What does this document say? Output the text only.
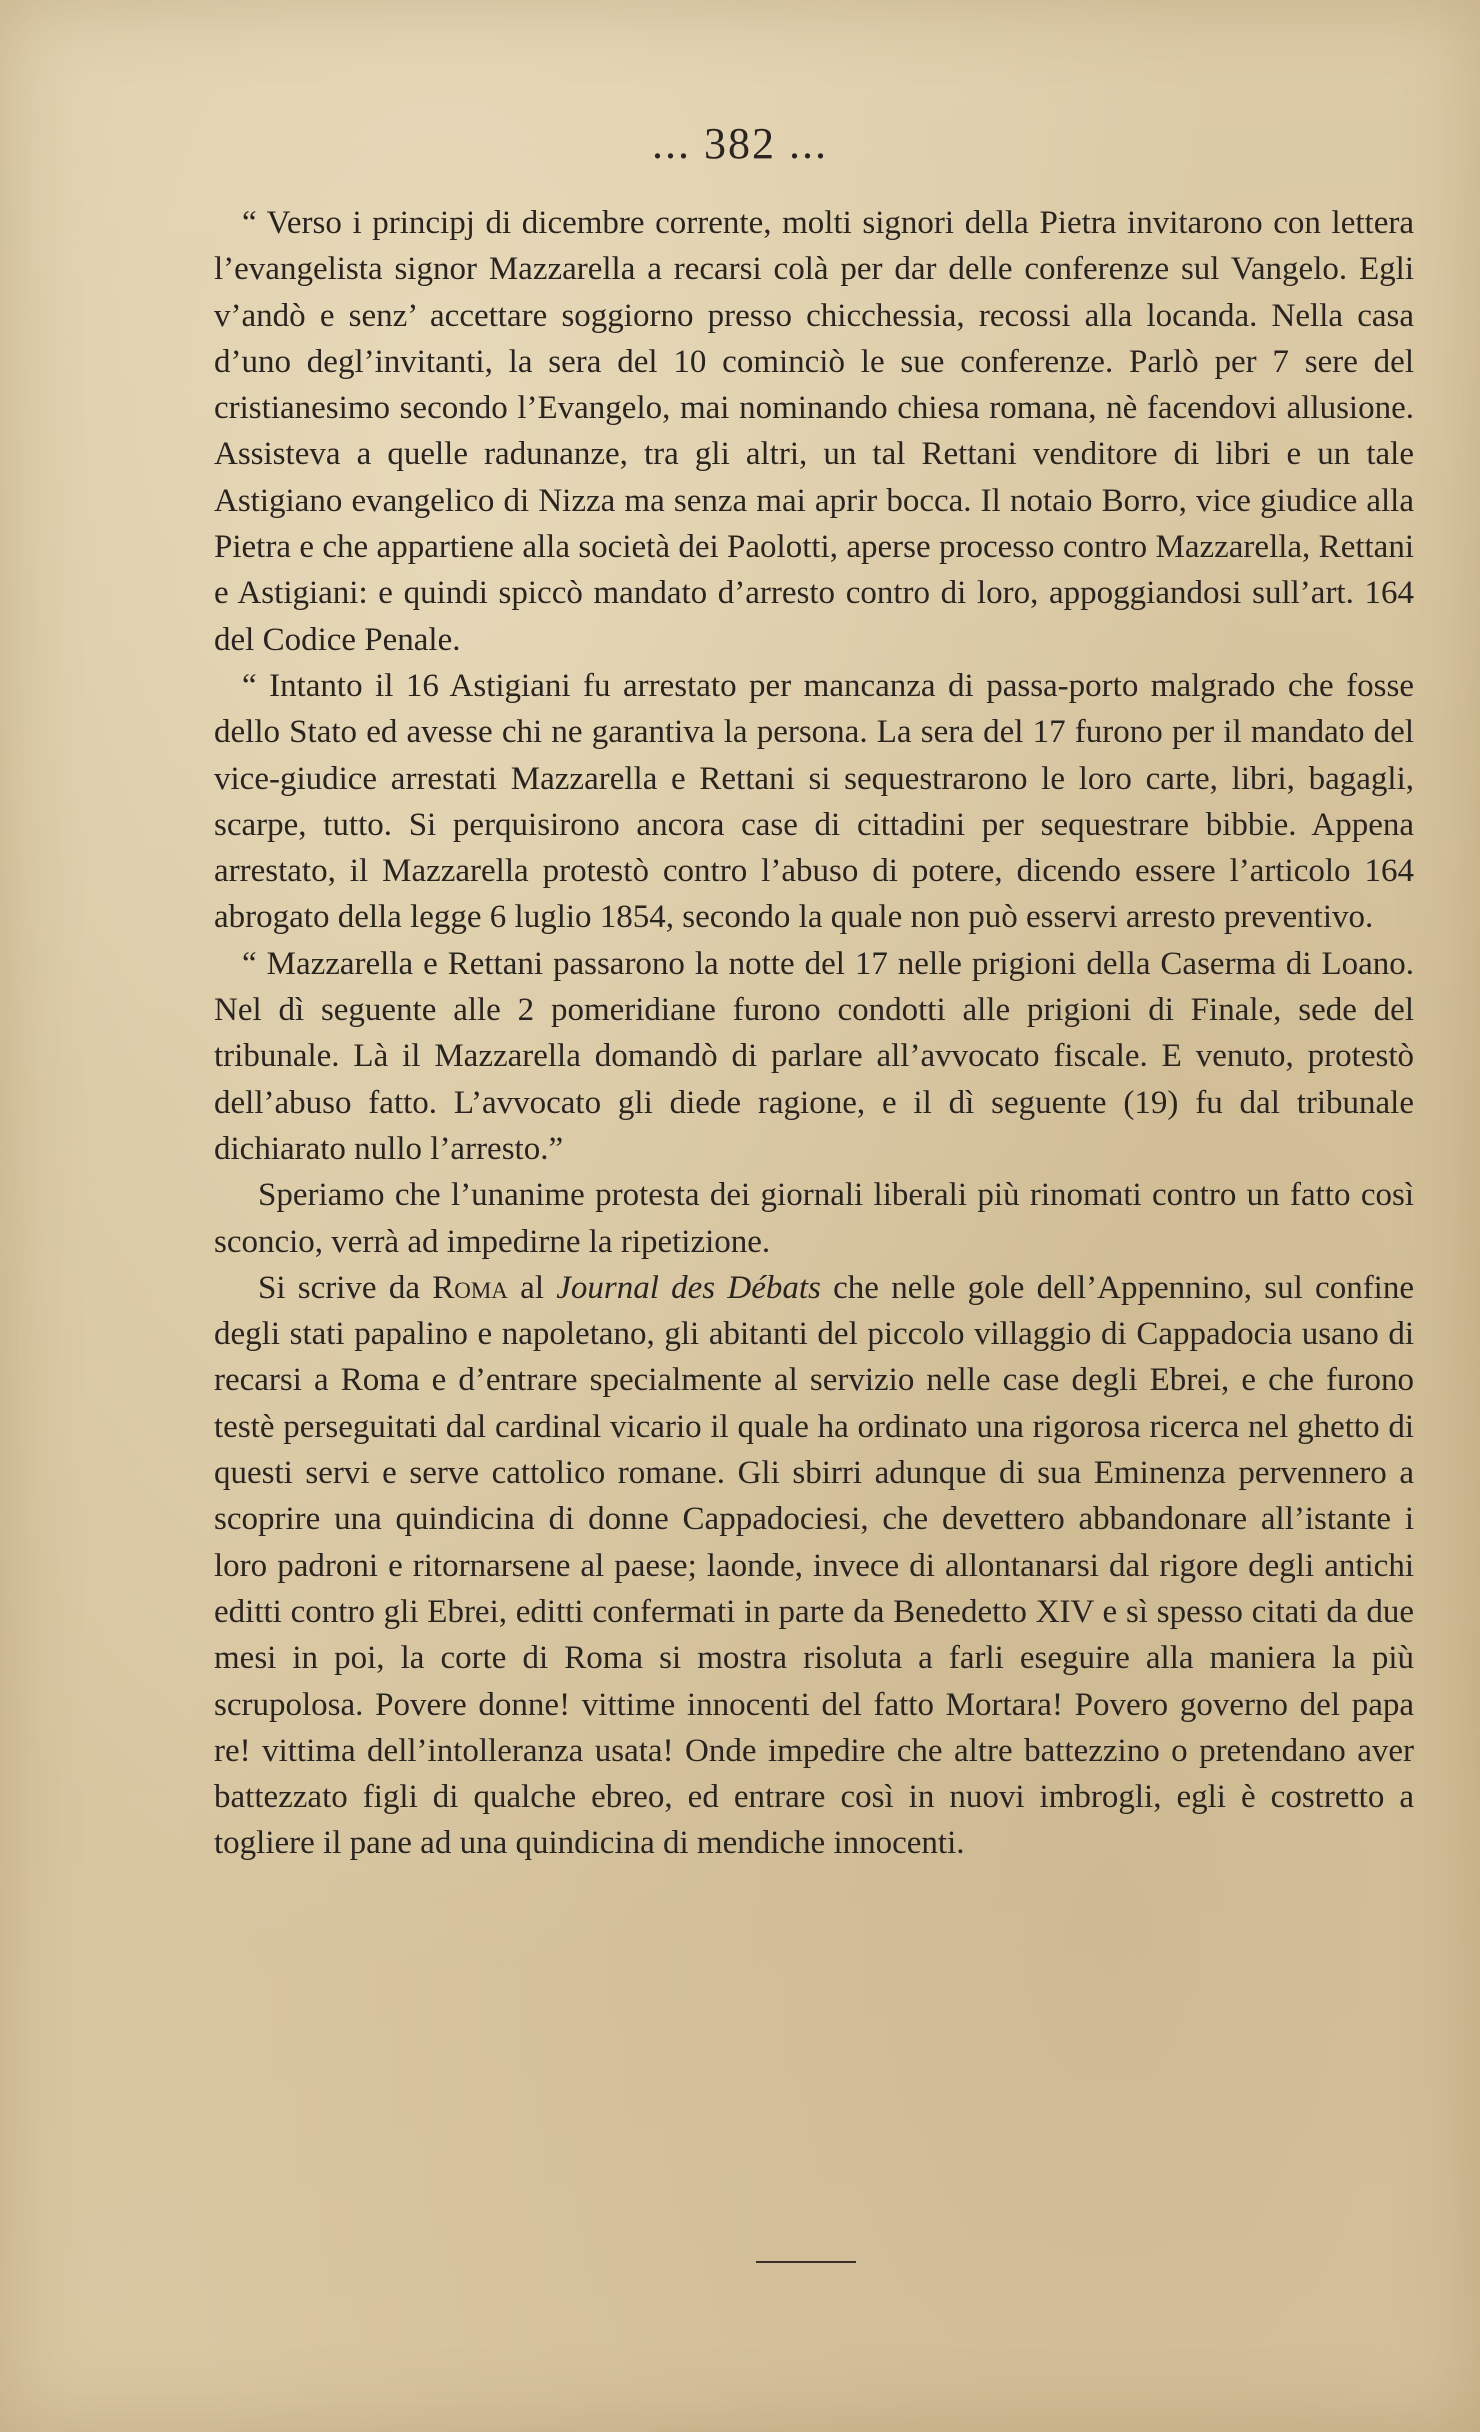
... 382 ...

“ Verso i principj di dicembre corrente, molti signori della Pietra invitarono con lettera l’evangelista signor Mazzarella a recarsi colà per dar delle conferenze sul Vangelo. Egli v’andò e senz’ accettare soggiorno presso chicchessia, recossi alla locanda. Nella casa d’uno degl’invitanti, la sera del 10 cominciò le sue conferenze. Parlò per 7 sere del cristianesimo secondo l’Evangelo, mai nominando chiesa romana, nè facendovi allusione. Assisteva a quelle radunanze, tra gli altri, un tal Rettani venditore di libri e un tale Astigiano evangelico di Nizza ma senza mai aprir bocca. Il notaio Borro, vice giudice alla Pietra e che appartiene alla società dei Paolotti, aperse processo contro Mazzarella, Rettani e Astigiani: e quindi spiccò mandato d’arresto contro di loro, appoggiandosi sull’art. 164 del Codice Penale.

“ Intanto il 16 Astigiani fu arrestato per mancanza di passa-porto malgrado che fosse dello Stato ed avesse chi ne garantiva la persona. La sera del 17 furono per il mandato del vice-giudice arrestati Mazzarella e Rettani si sequestrarono le loro carte, libri, bagagli, scarpe, tutto. Si perquisirono ancora case di cittadini per sequestrare bibbie. Appena arrestato, il Mazzarella protestò contro l’abuso di potere, dicendo essere l’articolo 164 abrogato della legge 6 luglio 1854, secondo la quale non può esservi arresto preventivo.

“ Mazzarella e Rettani passarono la notte del 17 nelle prigioni della Caserma di Loano. Nel dì seguente alle 2 pomeridiane furono condotti alle prigioni di Finale, sede del tribunale. Là il Mazzarella domandò di parlare all’avvocato fiscale. E venuto, protestò dell’abuso fatto. L’avvocato gli diede ragione, e il dì seguente (19) fu dal tribunale dichiarato nullo l’arresto.”

Speriamo che l’unanime protesta dei giornali liberali più rinomati contro un fatto così sconcio, verrà ad impedirne la ripetizione.

Si scrive da Roma al Journal des Débats che nelle gole dell’Appennino, sul confine degli stati papalino e napoletano, gli abitanti del piccolo villaggio di Cappadocia usano di recarsi a Roma e d’entrare specialmente al servizio nelle case degli Ebrei, e che furono testè perseguitati dal cardinal vicario il quale ha ordinato una rigorosa ricerca nel ghetto di questi servi e serve cattolico romane. Gli sbirri adunque di sua Eminenza pervennero a scoprire una quindicina di donne Cappadociesi, che devettero abbandonare all’istante i loro padroni e ritornarsene al paese; laonde, invece di allontanarsi dal rigore degli antichi editti contro gli Ebrei, editti confermati in parte da Benedetto XIV e sì spesso citati da due mesi in poi, la corte di Roma si mostra risoluta a farli eseguire alla maniera la più scrupolosa. Povere donne! vittime innocenti del fatto Mortara! Povero governo del papa re! vittima dell’intolleranza usata! Onde impedire che altre battezzino o pretendano aver battezzato figli di qualche ebreo, ed entrare così in nuovi imbrogli, egli è costretto a togliere il pane ad una quindicina di mendiche innocenti.
